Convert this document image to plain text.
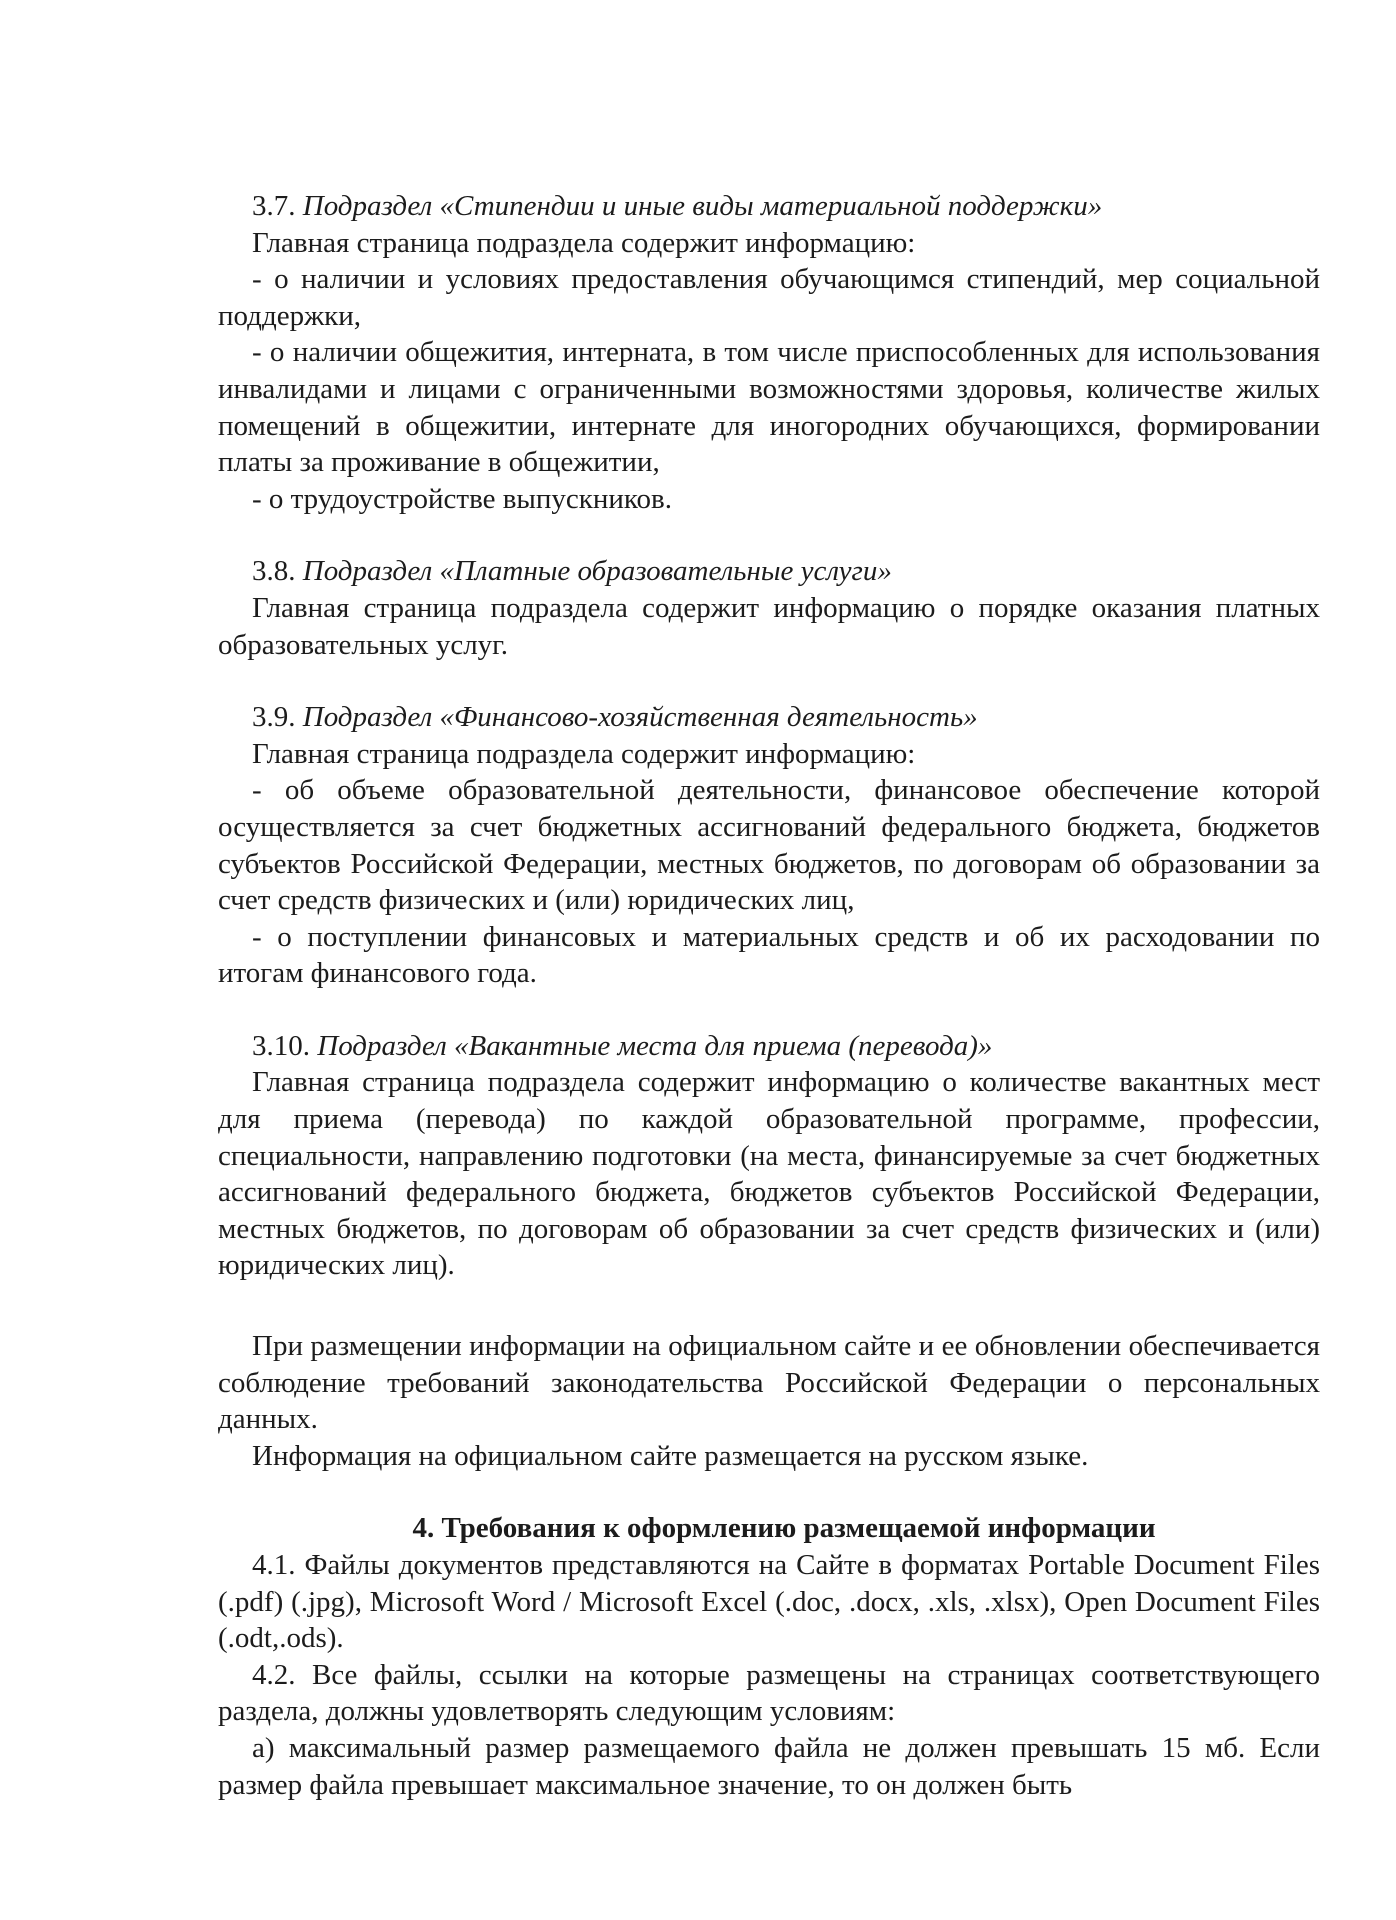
3.7. Подраздел «Стипендии и иные виды материальной поддержки»

Главная страница подраздела содержит информацию:

- о наличии и условиях предоставления обучающимся стипендий, мер социальной поддержки,

- о наличии общежития, интерната, в том числе приспособленных для использования инвалидами и лицами с ограниченными возможностями здоровья, количестве жилых помещений в общежитии, интернате для иногородних обучающихся, формировании платы за проживание в общежитии,

- о трудоустройстве выпускников.

3.8. Подраздел «Платные образовательные услуги»

Главная страница подраздела содержит информацию о порядке оказания платных образовательных услуг.

3.9. Подраздел «Финансово-хозяйственная деятельность»

Главная страница подраздела содержит информацию:

- об объеме образовательной деятельности, финансовое обеспечение которой осуществляется за счет бюджетных ассигнований федерального бюджета, бюджетов субъектов Российской Федерации, местных бюджетов, по договорам об образовании за счет средств физических и (или) юридических лиц,

- о поступлении финансовых и материальных средств и об их расходовании по итогам финансового года.

3.10. Подраздел «Вакантные места для приема (перевода)»

Главная страница подраздела содержит информацию о количестве вакантных мест для приема (перевода) по каждой образовательной программе, профессии, специальности, направлению подготовки (на места, финансируемые за счет бюджетных ассигнований федерального бюджета, бюджетов субъектов Российской Федерации, местных бюджетов, по договорам об образовании за счет средств физических и (или) юридических лиц).

При размещении информации на официальном сайте и ее обновлении обеспечивается соблюдение требований законодательства Российской Федерации о персональных данных.

Информация на официальном сайте размещается на русском языке.

4. Требования к оформлению размещаемой информации

4.1. Файлы документов представляются на Сайте в форматах Portable Document Files (.pdf) (.jpg), Microsoft Word / Microsoft Excel (.doc, .docx, .xls, .xlsx), Open Document Files (.odt,.ods).

4.2. Все файлы, ссылки на которые размещены на страницах соответствующего раздела, должны удовлетворять следующим условиям:

а) максимальный размер размещаемого файла не должен превышать 15 мб. Если размер файла превышает максимальное значение, то он должен быть
